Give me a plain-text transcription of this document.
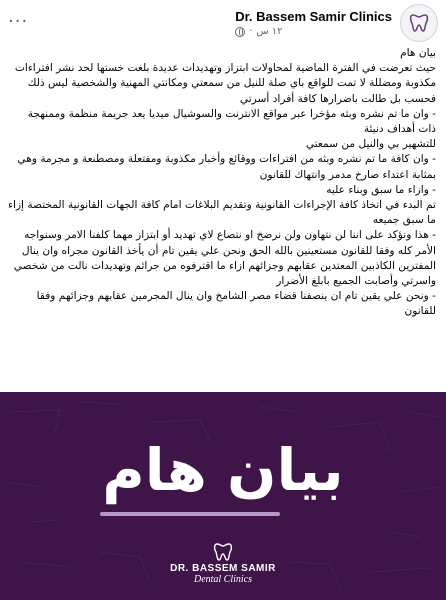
...	Dr. Bassem Samir Clinics
١٢ س
·

بيان هام

حيث تعرضت في الفترة الماضية لمحاولات ابتزاز وتهديدات عديدة بلغت خستها لحد نشر افتراءات مكذوبة ومضللة لا تمت للواقع باي صلة للنيل من سمعتي ومكانتي المهنية والشخصية ليس ذلك فحسب بل طالت باضرارها كافة أفراد أسرتي

- وان ما تم نشره وبثه مؤخرا عبر مواقع الانترنت والسوشيال ميديا يعد جريمة منظمة وممنهجة ذات أهداف دنيئة

للتشهير بي والنيل من سمعتي

- وان كافة ما تم نشره وبثه من افتراءات ووقائع وأخبار مكذوبة ومفتعلة ومصطنعة و مجرمة وهي بمثابة اعتداء صارخ مدمر وانتهاك للقانون

- وازاء ما سبق وبناء عليه

تم البدء في اتخاذ كافة الإجراءات القانونية وتقديم البلاغات امام كافة الجهات القانونية المختصة إزاء ما سبق جميعه

- هذا ونؤكد على اننا لن نتهاون ولن نرضخ او نتصاع لاي تهديد أو ابتزاز مهما كلفنا الامر وسنواجه الأمر كله وفقا للقانون مستعينين بالله الحق ونحن علي يقين تام أن يأخذ القانون مجراه وان ينال المفترين الكاذبين المعتدين عقابهم وجزائهم ازاء ما اقترفوه من جرائم وتهديدات نالت من شخصي واسرتي وأصابت الجميع بابلغ الأضرار

- ونحن علي يقين تام ان ينصفنا قضاء مصر الشامخ وان ينال المجرمين عقابهم وجزائهم وفقا للقانون

بيان هام
DR. BASSEM SAMIR
Dental Clinics
